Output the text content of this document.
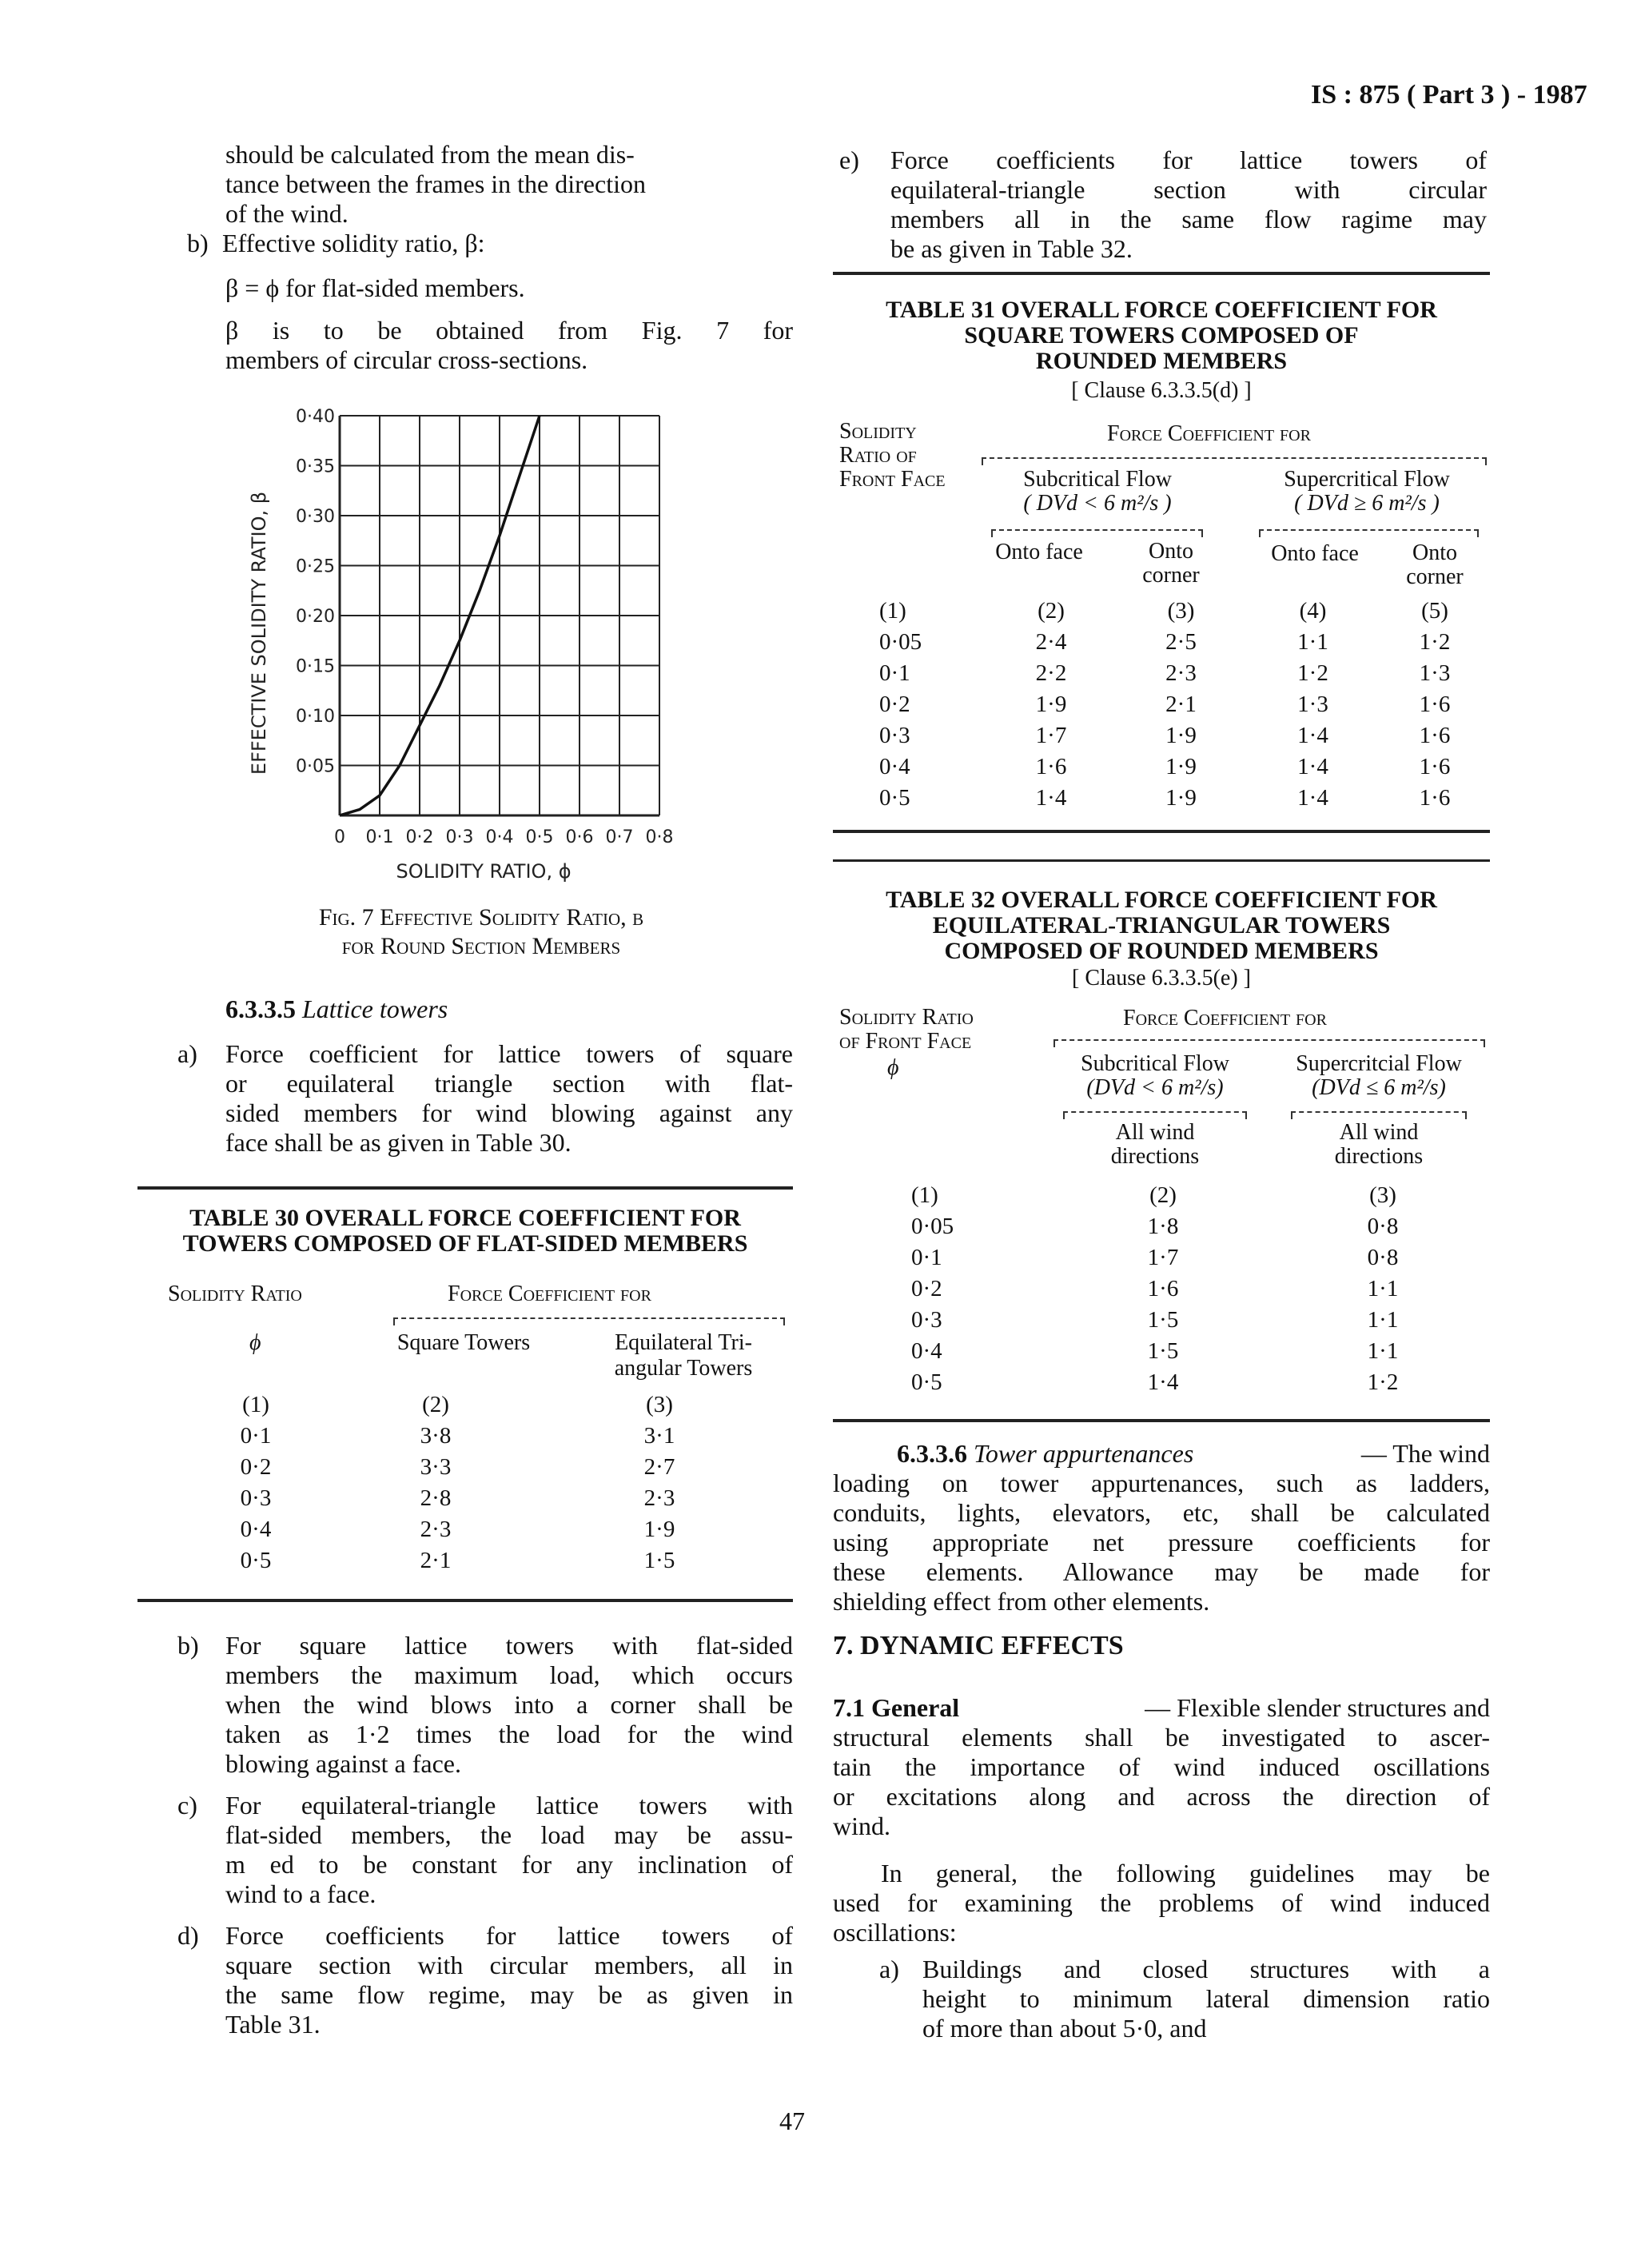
IS : 875 ( Part 3 ) - 1987
should be calculated from the mean dis-
tance between the frames in the direction
of the wind.
b) Effective solidity ratio, β:
β = ϕ for flat-sided members.
β is to be obtained from Fig. 7 for
members of circular cross-sections.
0 0·1 0·2 0·3 0·4 0·5 0·6 0·7 0·8
0·05
0·10
0·15
0·20
0·25
0·30
0·35
0·40
SOLIDITY RATIO, ϕ
EFFECTIVE SOLIDITY RATIO, β
Fig. 7 Effective Solidity Ratio, β
for Round Section Members
6.3.3.5 Lattice towers
a)	Force coefficient for lattice towers of square
or equilateral triangle section with flat-
sided members for wind blowing against any
face shall be as given in Table 30.
TABLE 30 OVERALL FORCE COEFFICIENT FOR
TOWERS COMPOSED OF FLAT-SIDED MEMBERS
Solidity Ratio	Force Coefficient for
ϕ	Square Towers	Equilateral Tri-
angular Towers
(1)	(2)	(3)
0·1	3·8	3·1
0·2	3·3	2·7
0·3	2·8	2·3
0·4	2·3	1·9
0·5	2·1	1·5
b)	For square lattice towers with flat-sided
members the maximum load, which occurs
when the wind blows into a corner shall be
taken as 1·2 times the load for the wind
blowing against a face.
c)	For equilateral-triangle lattice towers with
flat-sided members, the load may be assu-
m ed to be constant for any inclination of
wind to a face.
d)	Force coefficients for lattice towers of
square section with circular members, all in
the same flow regime, may be as given in
Table 31.
e)	Force coefficients for lattice towers of
equilateral-triangle section with circular
members all in the same flow ragime may
be as given in Table 32.
TABLE 31 OVERALL FORCE COEFFICIENT FOR
SQUARE TOWERS COMPOSED OF
ROUNDED MEMBERS
[ Clause 6.3.3.5(d) ]
Solidity
Ratio of
Front Face
Force Coefficient for
Subcritical Flow
( DVd < 6 m²/s )
Supercritical Flow
( DVd ≥ 6 m²/s )
Onto face	Onto
corner
Onto face	Onto
corner
(1)	(2)	(3)	(4)	(5)
0·05	2·4	2·5	1·1	1·2
0·1	2·2	2·3	1·2	1·3
0·2	1·9	2·1	1·3	1·6
0·3	1·7	1·9	1·4	1·6
0·4	1·6	1·9	1·4	1·6
0·5	1·4	1·9	1·4	1·6
TABLE 32 OVERALL FORCE COEFFICIENT FOR
EQUILATERAL-TRIANGULAR TOWERS
COMPOSED OF ROUNDED MEMBERS
[ Clause 6.3.3.5(e) ]
Solidity Ratio
of Front Face
ϕ
Force Coefficient for
Subcritical Flow
(DVd < 6 m²/s)
Supercritcial Flow
(DVd ≤ 6 m²/s)
All wind
directions
All wind
directions
(1)	(2)	(3)
0·05	1·8	0·8
0·1	1·7	0·8
0·2	1·6	1·1
0·3	1·5	1·1
0·4	1·5	1·1
0·5	1·4	1·2
6.3.3.6 Tower appurtenances	— The wind
loading on tower appurtenances, such as ladders,
conduits, lights, elevators, etc, shall be calculated
using appropriate net pressure coefficients for
these elements. Allowance may be made for
shielding effect from other elements.
7. DYNAMIC EFFECTS
7.1 General	— Flexible slender structures and
structural elements shall be investigated to ascer-
tain the importance of wind induced oscillations
or excitations along and across the direction of
wind.
In general, the following guidelines may be
used for examining the problems of wind induced
oscillations:
a) Buildings and closed structures with a
height to minimum lateral dimension ratio
of more than about 5·0, and
47
